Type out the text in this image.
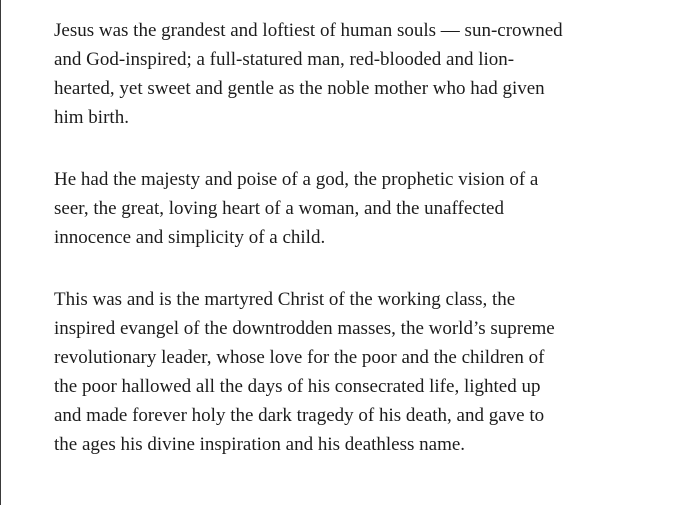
Jesus was the grandest and loftiest of human souls — sun-crowned
and God-inspired; a full-statured man, red-blooded and lion-
hearted, yet sweet and gentle as the noble mother who had given
him birth.
He had the majesty and poise of a god, the prophetic vision of a
seer, the great, loving heart of a woman, and the unaffected
innocence and simplicity of a child.
This was and is the martyred Christ of the working class, the
inspired evangel of the downtrodden masses, the world’s supreme
revolutionary leader, whose love for the poor and the children of
the poor hallowed all the days of his consecrated life, lighted up
and made forever holy the dark tragedy of his death, and gave to
the ages his divine inspiration and his deathless name.
